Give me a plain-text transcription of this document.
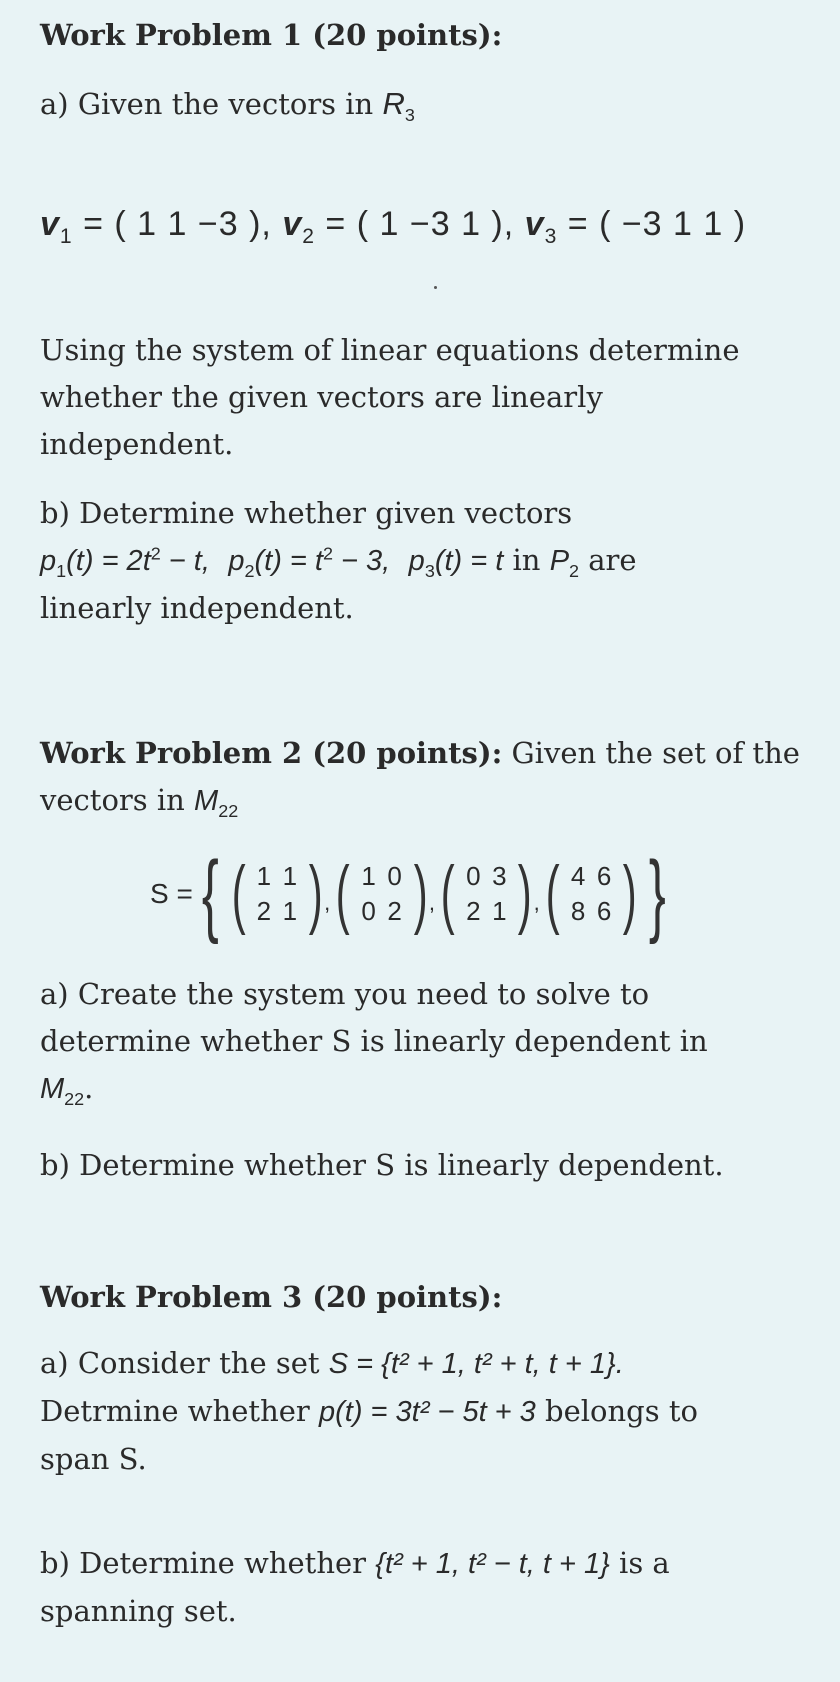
Work Problem 1 (20 points):
a) Given the vectors in $R_3$
$v_1$ = ( 1 1 −3 ), $v_2$ = ( 1 −3 1 ), $v_3$ = ( −3 1 1 )
Using the system of linear equations determine
whether the given vectors are linearly
independent.
b) Determine whether given vectors
$p_1(t) = 2t^2 - t$, $p_2(t) = t^2 - 3$, $p_3(t) = t$ in $P_2$ are
linearly independent.
Work Problem 2 (20 points): Given the set of the
vectors in $M_{22}$
S = { ( 1 1
2 1 ) , ( 1 0
0 2 ) , ( 0 3
2 1 ) , ( 4 6
8 6 ) }
a) Create the system you need to solve to
determine whether S is linearly dependent in
$M_{22}$.
b) Determine whether S is linearly dependent.
Work Problem 3 (20 points):
a) Consider the set S = {t² + 1, t² + t, t + 1}.
Detrmine whether p(t) = 3t² − 5t + 3 belongs to
span S.
b) Determine whether {t² + 1, t² − t, t + 1} is a
spanning set.
